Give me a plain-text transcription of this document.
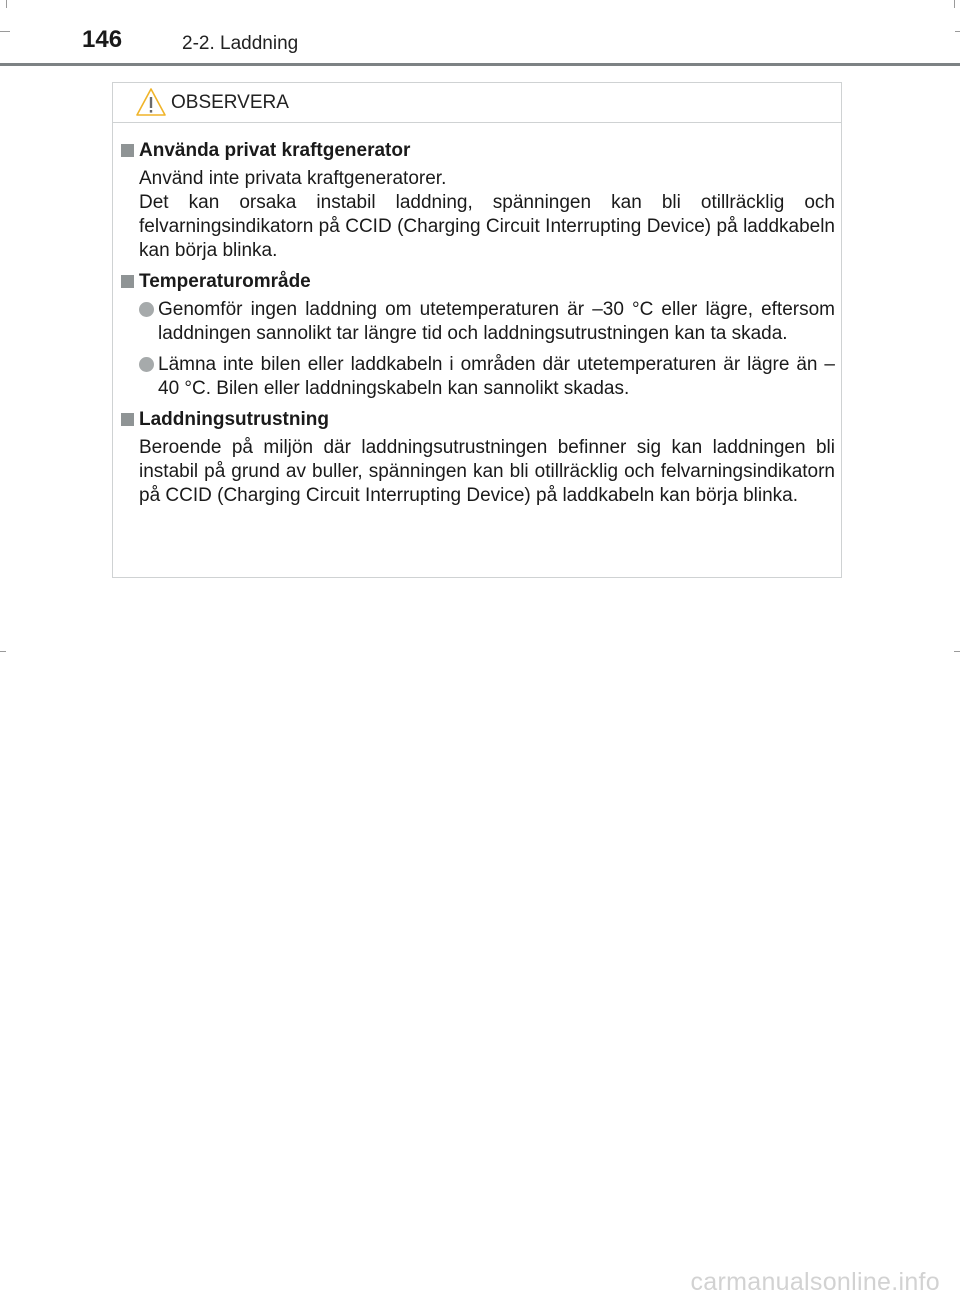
146	2-2. Laddning
OBSERVERA
Använda privat kraftgenerator
Använd inte privata kraftgeneratorer.
Det kan orsaka instabil laddning, spänningen kan bli otillräcklig och felvarningsindikatorn på CCID (Charging Circuit Interrupting Device) på laddkabeln kan börja blinka.
Temperaturområde
Genomför ingen laddning om utetemperaturen är –30 °C eller lägre, eftersom laddningen sannolikt tar längre tid och laddningsutrustningen kan ta skada.
Lämna inte bilen eller laddkabeln i områden där utetemperaturen är lägre än –40 °C. Bilen eller laddningskabeln kan sannolikt skadas.
Laddningsutrustning
Beroende på miljön där laddningsutrustningen befinner sig kan laddningen bli instabil på grund av buller, spänningen kan bli otillräcklig och felvarningsindikatorn på CCID (Charging Circuit Interrupting Device) på laddkabeln kan börja blinka.
carmanualsonline.info
